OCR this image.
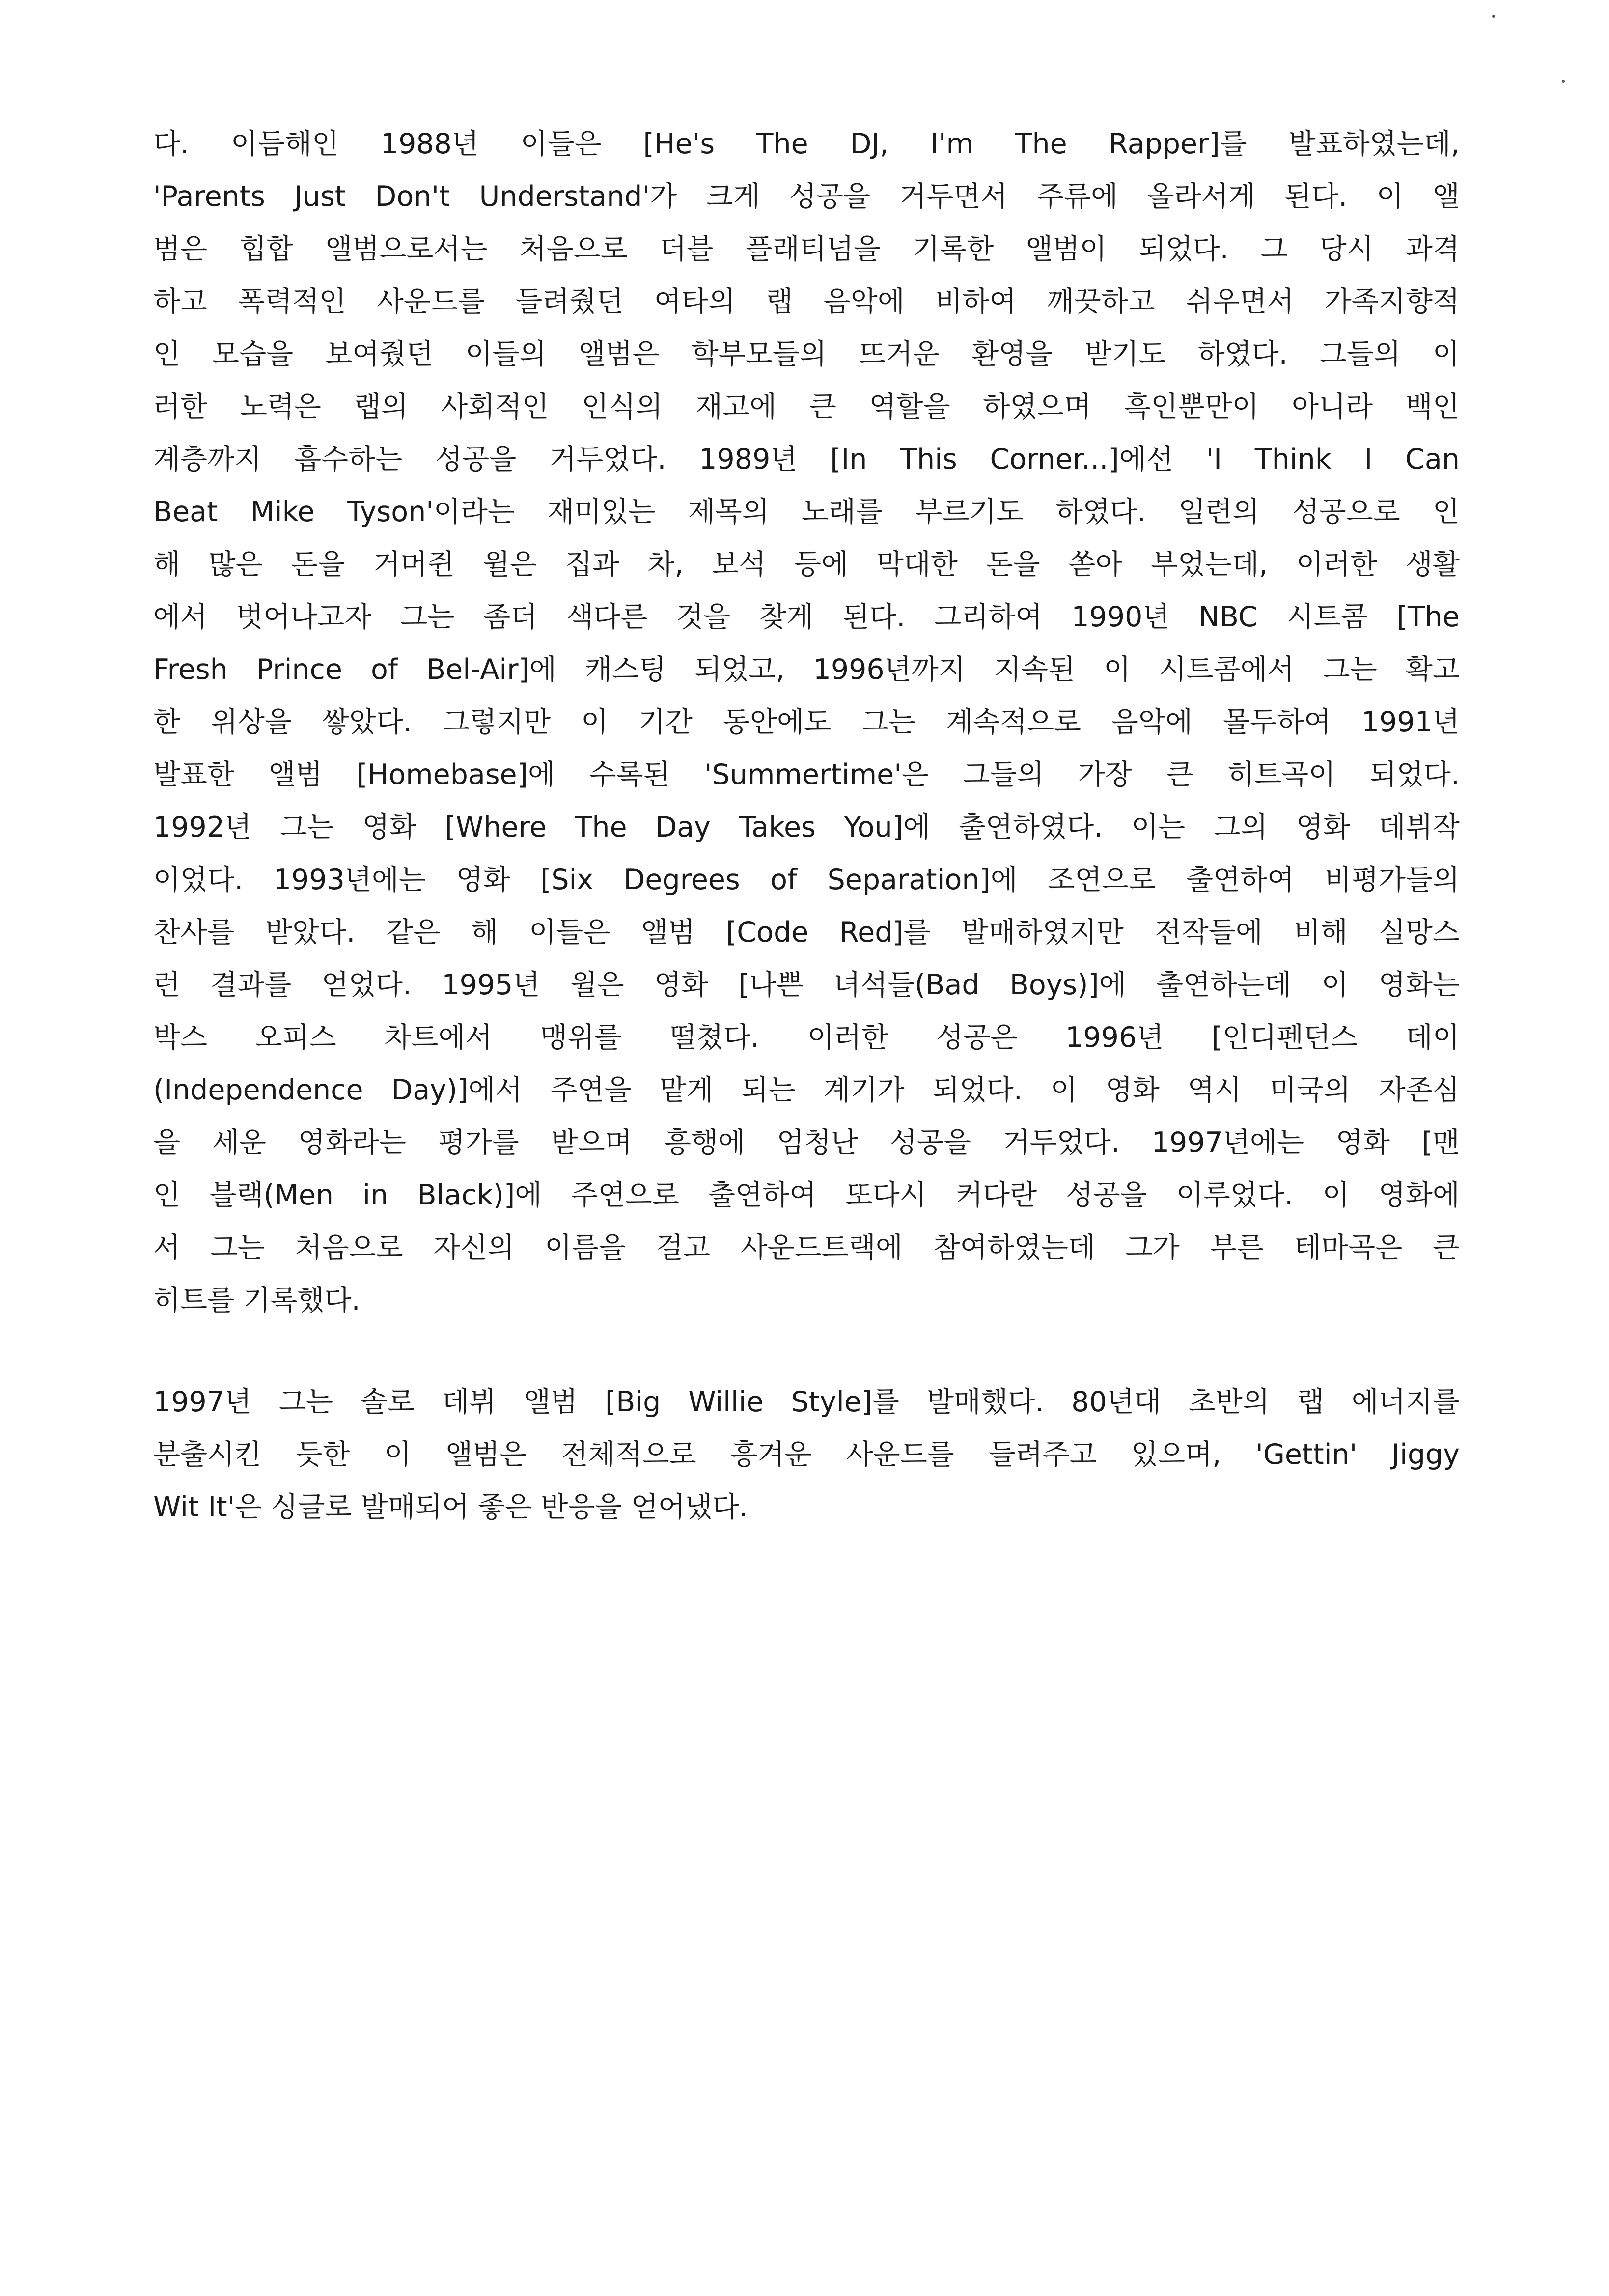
다. 이듬해인 1988년 이들은 [He's The DJ, I'm The Rapper]를 발표하였는데,
'Parents Just Don't Understand'가 크게 성공을 거두면서 주류에 올라서게 된다. 이 앨
범은 힙합 앨범으로서는 처음으로 더블 플래티넘을 기록한 앨범이 되었다. 그 당시 과격
하고 폭력적인 사운드를 들려줬던 여타의 랩 음악에 비하여 깨끗하고 쉬우면서 가족지향적
인 모습을 보여줬던 이들의 앨범은 학부모들의 뜨거운 환영을 받기도 하였다. 그들의 이
러한 노력은 랩의 사회적인 인식의 재고에 큰 역할을 하였으며 흑인뿐만이 아니라 백인
계층까지 흡수하는 성공을 거두었다. 1989년 [In This Corner...]에선 'I Think I Can
Beat Mike Tyson'이라는 재미있는 제목의 노래를 부르기도 하였다. 일련의 성공으로 인
해 많은 돈을 거머쥔 윌은 집과 차, 보석 등에 막대한 돈을 쏟아 부었는데, 이러한 생활
에서 벗어나고자 그는 좀더 색다른 것을 찾게 된다. 그리하여 1990년 NBC 시트콤 [The
Fresh Prince of Bel-Air]에 캐스팅 되었고, 1996년까지 지속된 이 시트콤에서 그는 확고
한 위상을 쌓았다. 그렇지만 이 기간 동안에도 그는 계속적으로 음악에 몰두하여 1991년
발표한 앨범 [Homebase]에 수록된 'Summertime'은 그들의 가장 큰 히트곡이 되었다.
1992년 그는 영화 [Where The Day Takes You]에 출연하였다. 이는 그의 영화 데뷔작
이었다. 1993년에는 영화 [Six Degrees of Separation]에 조연으로 출연하여 비평가들의
찬사를 받았다. 같은 해 이들은 앨범 [Code Red]를 발매하였지만 전작들에 비해 실망스
런 결과를 얻었다. 1995년 윌은 영화 [나쁜 녀석들(Bad Boys)]에 출연하는데 이 영화는
박스 오피스 차트에서 맹위를 떨쳤다. 이러한 성공은 1996년 [인디펜던스 데이
(Independence Day)]에서 주연을 맡게 되는 계기가 되었다. 이 영화 역시 미국의 자존심
을 세운 영화라는 평가를 받으며 흥행에 엄청난 성공을 거두었다. 1997년에는 영화 [맨
인 블랙(Men in Black)]에 주연으로 출연하여 또다시 커다란 성공을 이루었다. 이 영화에
서 그는 처음으로 자신의 이름을 걸고 사운드트랙에 참여하였는데 그가 부른 테마곡은 큰
히트를 기록했다.
1997년 그는 솔로 데뷔 앨범 [Big Willie Style]를 발매했다. 80년대 초반의 랩 에너지를
분출시킨 듯한 이 앨범은 전체적으로 흥겨운 사운드를 들려주고 있으며, 'Gettin' Jiggy
Wit It'은 싱글로 발매되어 좋은 반응을 얻어냈다.
